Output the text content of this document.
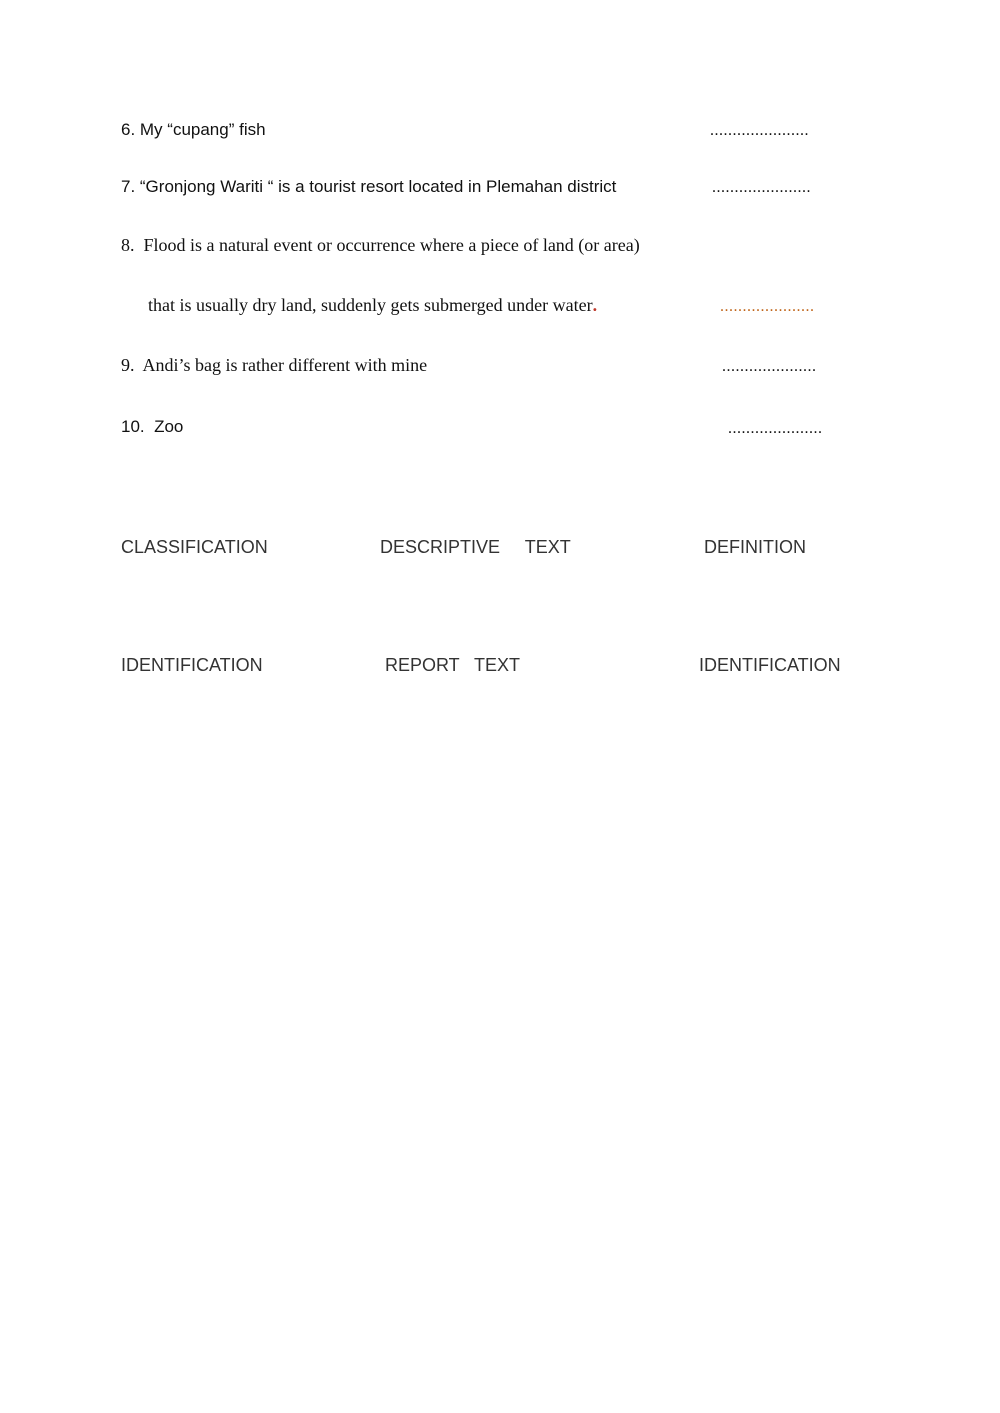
6. My “cupang” fish	......................
7. “Gronjong Wariti “ is a tourist resort located in Plemahan district	......................
8.  Flood is a natural event or occurrence where a piece of land (or area)
that is usually dry land, suddenly gets submerged under water.	.....................
9.  Andi’s bag is rather different with mine	.....................
10.  Zoo	.....................
CLASSIFICATION	DESCRIPTIVE     TEXT	DEFINITION
IDENTIFICATION	REPORT   TEXT	IDENTIFICATION
